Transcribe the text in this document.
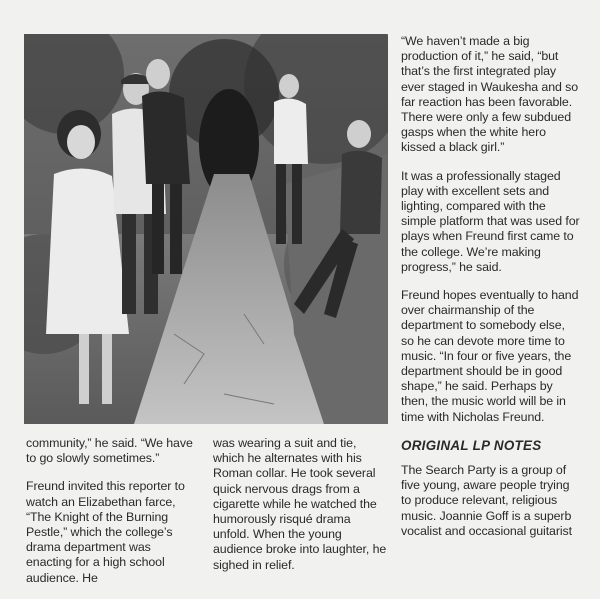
community,” he said. “We have to go slowly sometimes.”

Freund invited this reporter to watch an Elizabethan farce, “The Knight of the Burning Pestle,” which the college’s drama department was enacting for a high school audience. He

was wearing a suit and tie, which he alternates with his Roman collar. He took several quick nervous drags from a cigarette while he watched the humorously risqué drama unfold. When the young audience broke into laughter, he sighed in relief.

“We haven’t made a big production of it,” he said, “but that’s the first integrated play ever staged in Waukesha and so far reaction has been favorable. There were only a few subdued gasps when the white hero kissed a black girl.”

It was a professionally staged play with excellent sets and lighting, compared with the simple platform that was used for plays when Freund first came to the college. We’re making progress,” he said.

Freund hopes eventually to hand over chairmanship of the department to somebody else, so he can devote more time to music. “In four or five years, the department should be in good shape,” he said. Perhaps by then, the music world will be in time with Nicholas Freund.

ORIGINAL LP NOTES

The Search Party is a group of five young, aware people trying to produce relevant, religious music. Joannie Goff is a superb vocalist and occasional guitarist
